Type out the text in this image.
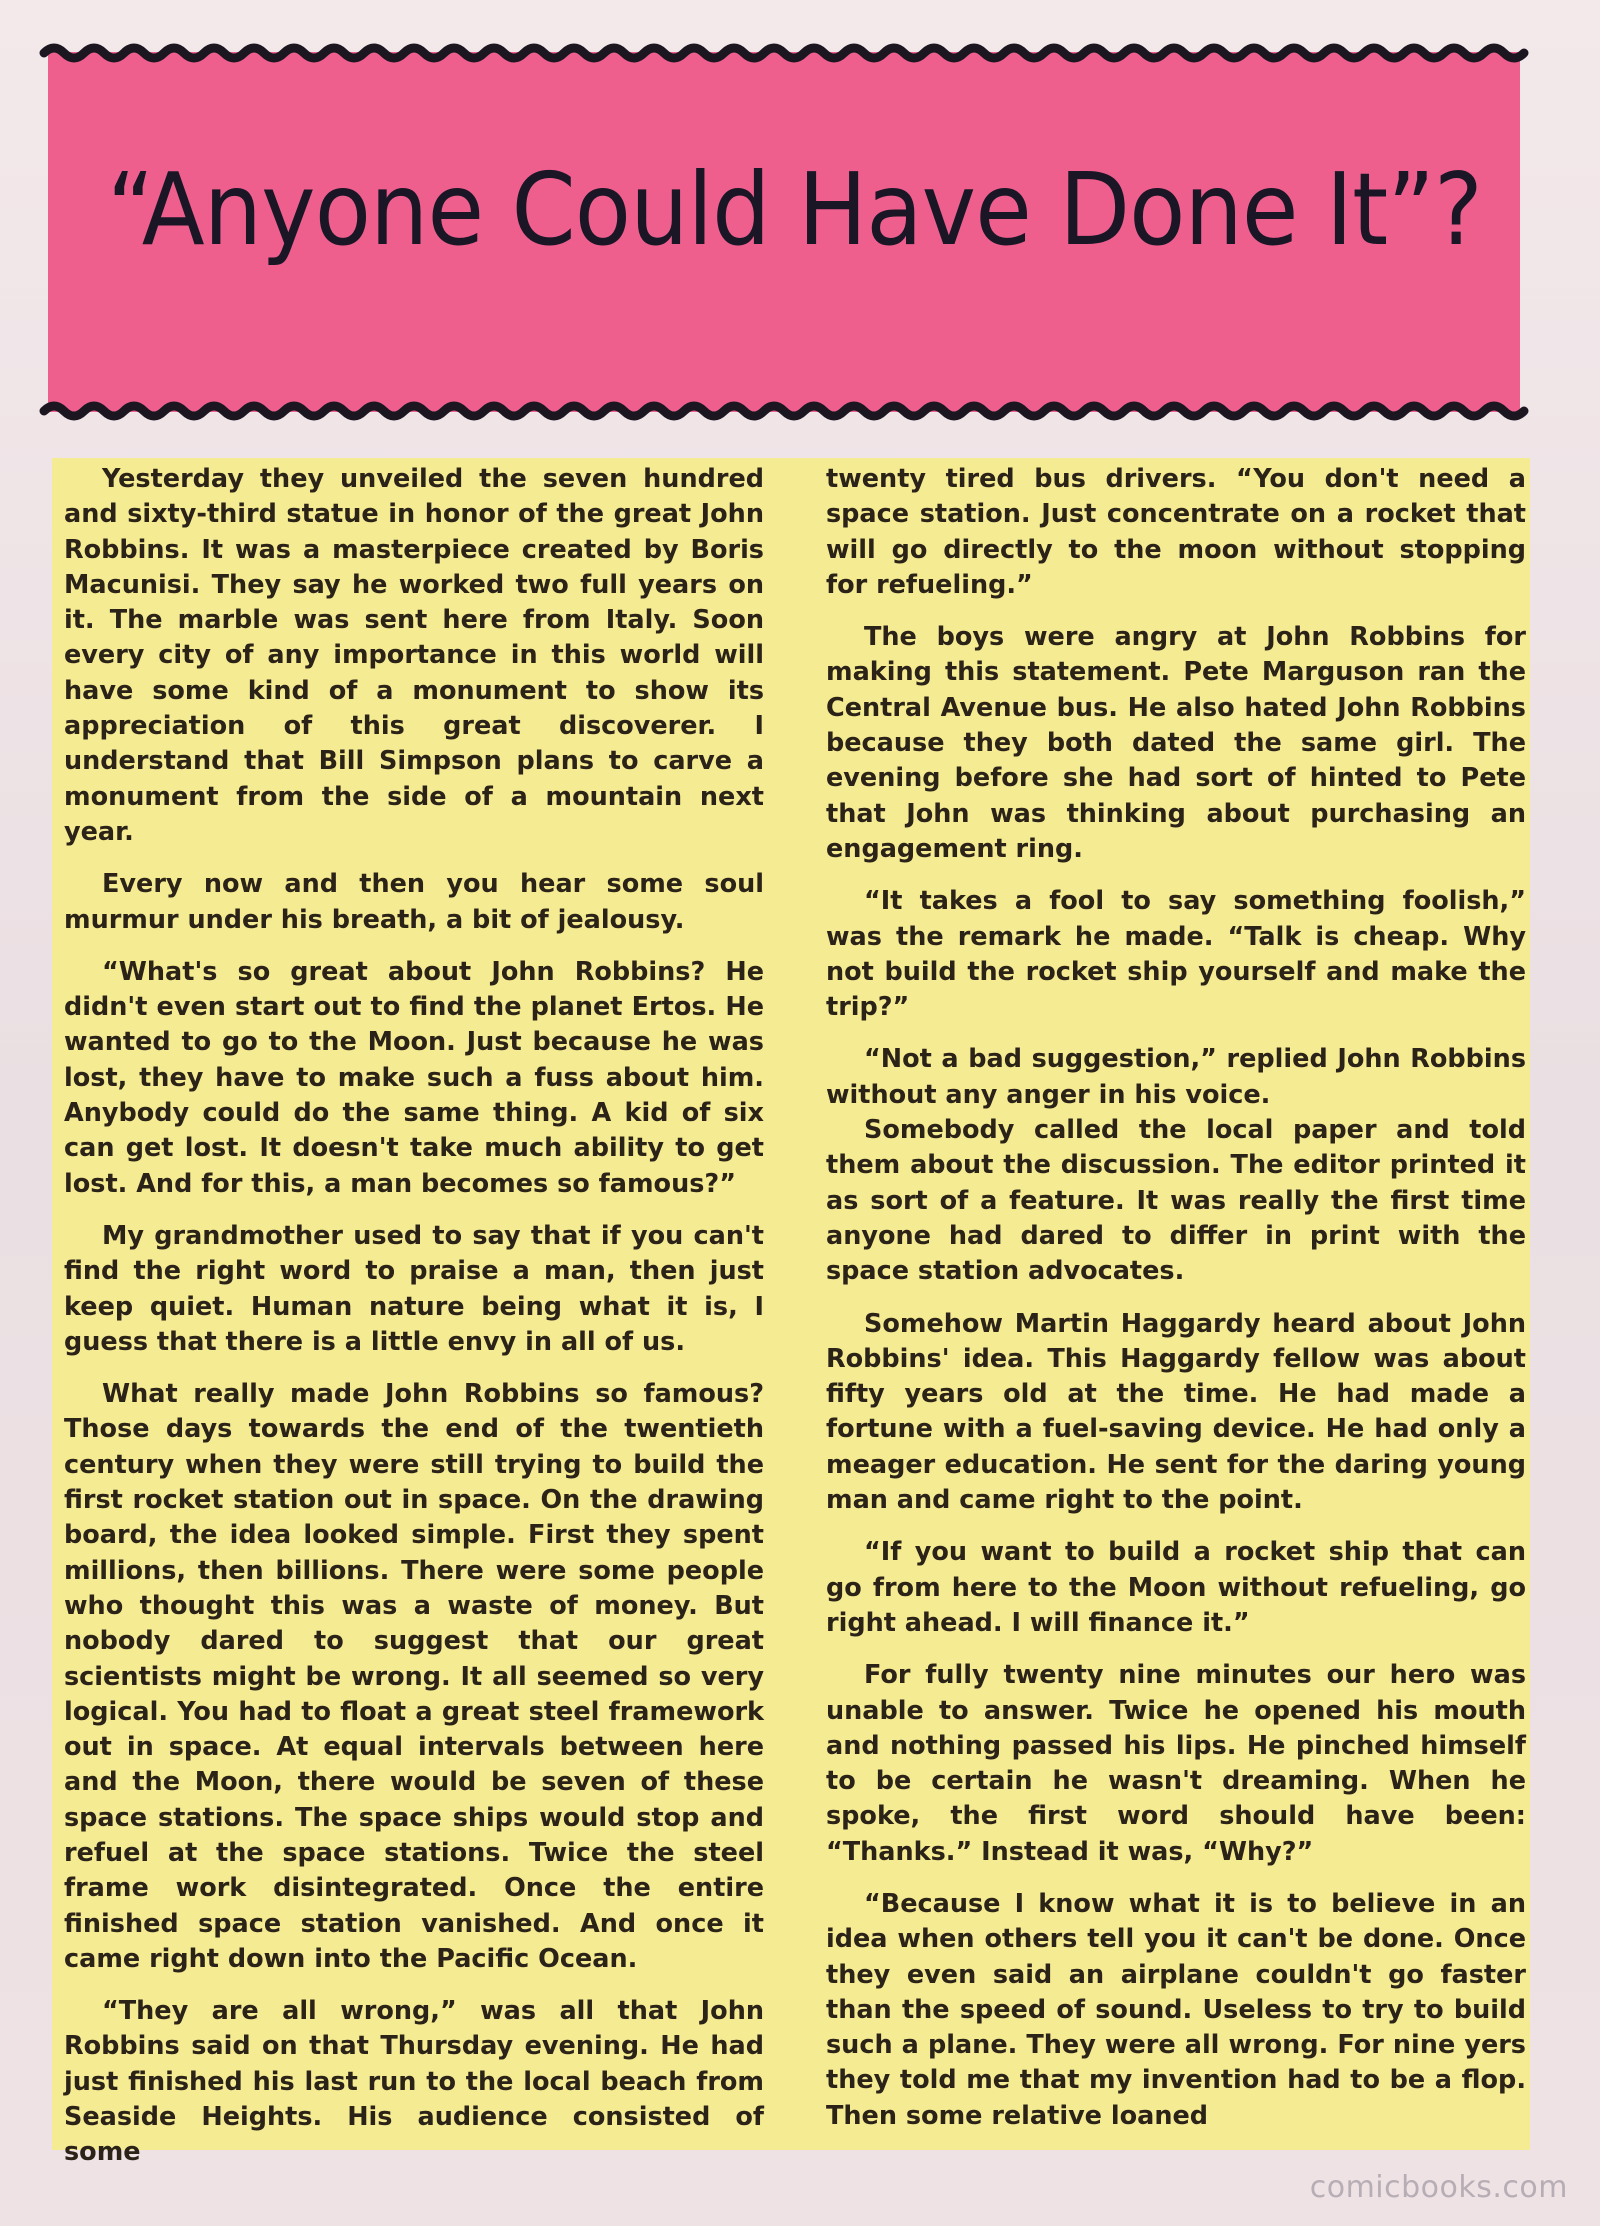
“Anyone Could Have Done It”?

Yesterday they unveiled the seven hundred and sixty-third statue in honor of the great John Robbins. It was a masterpiece created by Boris Macunisi. They say he worked two full years on it. The marble was sent here from Italy. Soon every city of any importance in this world will have some kind of a monument to show its appreciation of this great discoverer. I understand that Bill Simpson plans to carve a monument from the side of a mountain next year.

Every now and then you hear some soul murmur under his breath, a bit of jealousy.

“What's so great about John Robbins? He didn't even start out to find the planet Ertos. He wanted to go to the Moon. Just because he was lost, they have to make such a fuss about him. Anybody could do the same thing. A kid of six can get lost. It doesn't take much ability to get lost. And for this, a man becomes so famous?”

My grandmother used to say that if you can't find the right word to praise a man, then just keep quiet. Human nature being what it is, I guess that there is a little envy in all of us.

What really made John Robbins so famous? Those days towards the end of the twentieth century when they were still trying to build the first rocket station out in space. On the drawing board, the idea looked simple. First they spent millions, then billions. There were some people who thought this was a waste of money. But nobody dared to suggest that our great scientists might be wrong. It all seemed so very logical. You had to float a great steel framework out in space. At equal intervals between here and the Moon, there would be seven of these space stations. The space ships would stop and refuel at the space stations. Twice the steel frame work disintegrated. Once the entire finished space station vanished. And once it came right down into the Pacific Ocean.

“They are all wrong,” was all that John Robbins said on that Thursday evening. He had just finished his last run to the local beach from Seaside Heights. His audience consisted of some

twenty tired bus drivers. “You don't need a space station. Just concentrate on a rocket that will go directly to the moon without stopping for refueling.”

The boys were angry at John Robbins for making this statement. Pete Marguson ran the Central Avenue bus. He also hated John Robbins because they both dated the same girl. The evening before she had sort of hinted to Pete that John was thinking about purchasing an engagement ring.

“It takes a fool to say something foolish,” was the remark he made. “Talk is cheap. Why not build the rocket ship yourself and make the trip?”

“Not a bad suggestion,” replied John Robbins without any anger in his voice.

Somebody called the local paper and told them about the discussion. The editor printed it as sort of a feature. It was really the first time anyone had dared to differ in print with the space station advocates.

Somehow Martin Haggardy heard about John Robbins' idea. This Haggardy fellow was about fifty years old at the time. He had made a fortune with a fuel-saving device. He had only a meager education. He sent for the daring young man and came right to the point.

“If you want to build a rocket ship that can go from here to the Moon without refueling, go right ahead. I will finance it.”

For fully twenty nine minutes our hero was unable to answer. Twice he opened his mouth and nothing passed his lips. He pinched himself to be certain he wasn't dreaming. When he spoke, the first word should have been: “Thanks.” Instead it was, “Why?”

“Because I know what it is to believe in an idea when others tell you it can't be done. Once they even said an airplane couldn't go faster than the speed of sound. Useless to try to build such a plane. They were all wrong. For nine yers they told me that my invention had to be a flop. Then some relative loaned

comicbooks.com
